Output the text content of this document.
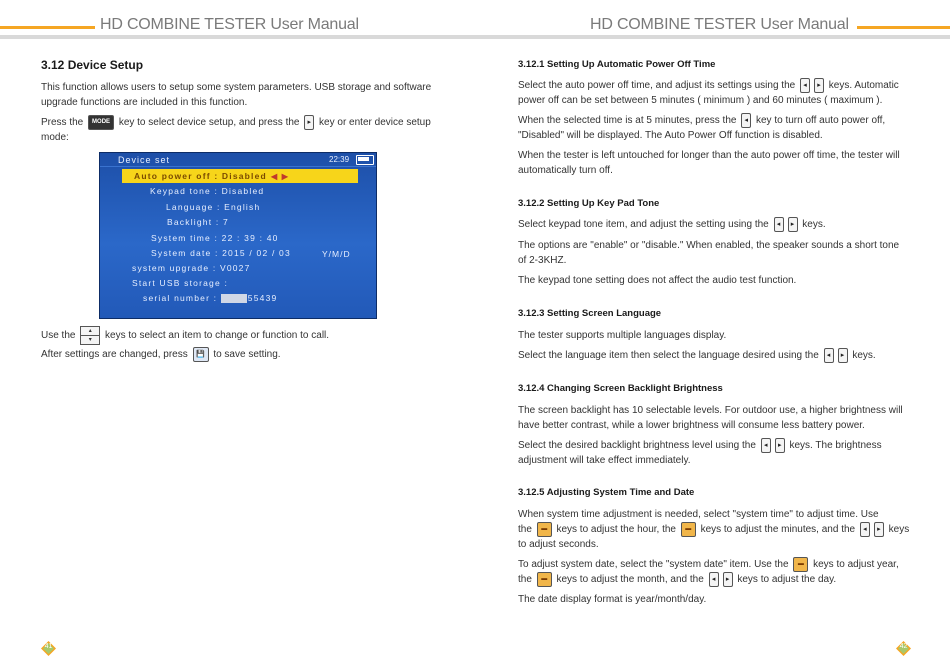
HD COMBINE TESTER User Manual
3.12 Device Setup
This function allows users to setup some system parameters. USB storage and software
upgrade functions are included in this function.
Press the MODE key to select device setup, and press the ▸ key or enter device setup
mode:
Device set	22:39
Auto power off : Disabled ◀ ▶
Keypad tone : Disabled
Language : English
Backlight : 7
System time : 22 : 39 : 40
System date : 2015 / 02 / 03	Y/M/D
system upgrade : V0027
Start USB storage :
serial number :	55439
Use the	▴
▾	keys to select an item to change or function to call.
After settings are changed, press 💾 to save setting.
41
HD COMBINE TESTER User Manual
3.12.1 Setting Up Automatic Power Off Time
Select the auto power off time, and adjust its settings using the ◂ ▸ keys. Automatic
power off can be set between 5 minutes ( minimum ) and 60 minutes ( maximum ).
When the selected time is at 5 minutes, press the ◂ key to turn off auto power off,
"Disabled" will be displayed. The Auto Power Off function is disabled.
When the tester is left untouched for longer than the auto power off time, the tester will
automatically turn off.
3.12.2 Setting Up Key Pad Tone
Select keypad tone item, and adjust the setting using the ◂ ▸ keys.
The options are "enable" or "disable." When enabled, the speaker sounds a short tone
of 2-3KHZ.
The keypad tone setting does not affect the audio test function.
3.12.3 Setting Screen Language
The tester supports multiple languages display.
Select the language item then select the language desired using the ◂ ▸ keys.
3.12.4 Changing Screen Backlight Brightness
The screen backlight has 10 selectable levels. For outdoor use, a higher brightness will
have better contrast, while a lower brightness will consume less battery power.
Select the desired backlight brightness level using the ◂ ▸ keys. The brightness
adjustment will take effect immediately.
3.12.5 Adjusting System Time and Date
When system time adjustment is needed, select "system time" to adjust time. Use
the ▬ keys to adjust the hour, the ▬ keys to adjust the minutes, and the ◂ ▸ keys
to adjust seconds.
To adjust system date, select the "system date" item. Use the ▬ keys to adjust year,
the ▬ keys to adjust the month, and the ◂ ▸ keys to adjust the day.
The date display format is year/month/day.
42
